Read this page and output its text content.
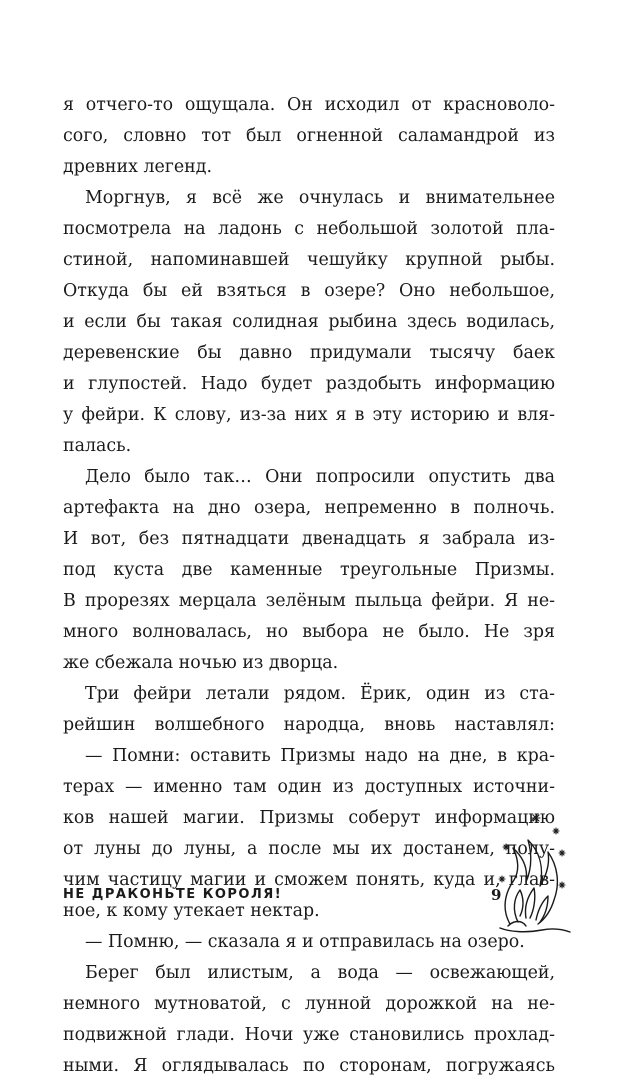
я отчего-то ощущала. Он исходил от красноволо-
сого, словно тот был огненной саламандрой из
древних легенд.
Моргнув, я всё же очнулась и внимательнее
посмотрела на ладонь с небольшой золотой пла-
стиной, напоминавшей чешуйку крупной рыбы.
Откуда бы ей взяться в озере? Оно небольшое,
и если бы такая солидная рыбина здесь водилась,
деревенские бы давно придумали тысячу баек
и глупостей. Надо будет раздобыть информацию
у фейри. К слову, из-за них я в эту историю и вля-
палась.
Дело было так… Они попросили опустить два
артефакта на дно озера, непременно в полночь.
И вот, без пятнадцати двенадцать я забрала из-
под куста две каменные треугольные Призмы.
В прорезях мерцала зелёным пыльца фейри. Я не-
много волновалась, но выбора не было. Не зря
же сбежала ночью из дворца.
Три фейри летали рядом. Ёрик, один из ста-
рейшин волшебного народца, вновь наставлял:
— Помни: оставить Призмы надо на дне, в кра-
терах — именно там один из доступных источни-
ков нашей магии. Призмы соберут информацию
от луны до луны, а после мы их достанем, полу-
чим частицу магии и сможем понять, куда и, глав-
ное, к кому утекает нектар.
— Помню, — сказала я и отправилась на озеро.
Берег был илистым, а вода — освежающей,
немного мутноватой, с лунной дорожкой на не-
подвижной глади. Ночи уже становились прохлад-
ными. Я оглядывалась по сторонам, погружаясь
НЕ ДРАКОНЬТЕ КОРОЛЯ!	9
